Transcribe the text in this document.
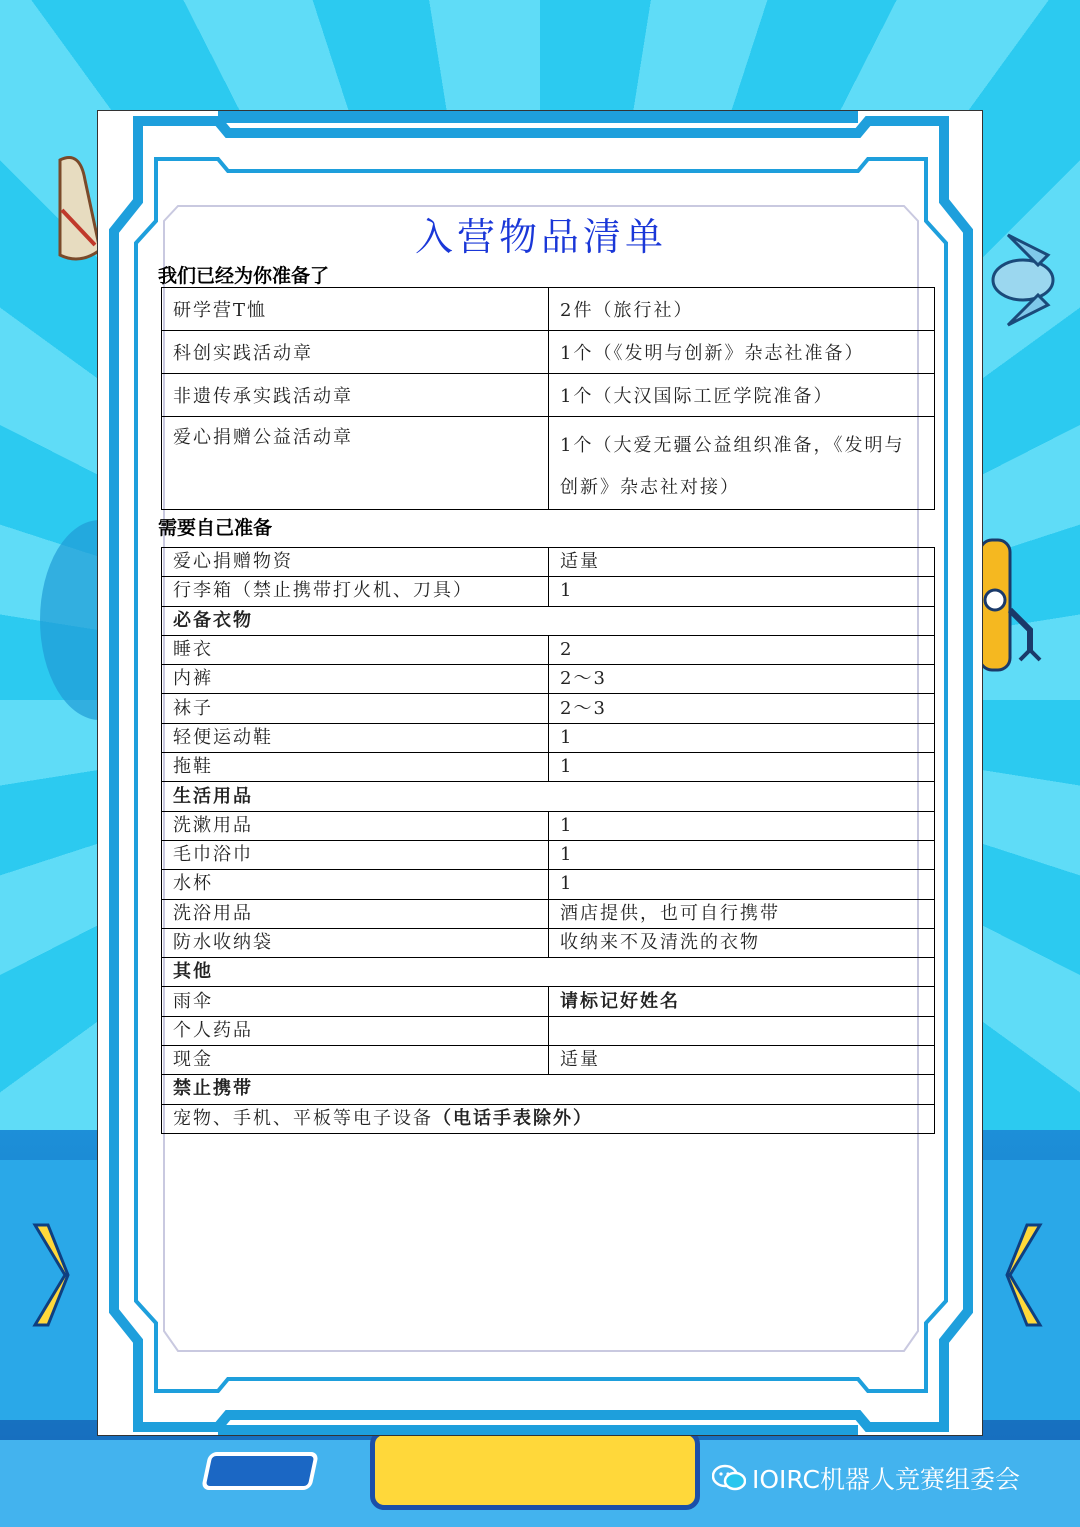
入营物品清单
我们已经为你准备了
研学营T恤	2件（旅行社）
科创实践活动章	1个（《发明与创新》杂志社准备）
非遗传承实践活动章	1个（大汉国际工匠学院准备）
爱心捐赠公益活动章	1个（大爱无疆公益组织准备，《发明与创新》杂志社对接）
需要自己准备
爱心捐赠物资	适量
行李箱（禁止携带打火机、刀具）	1
必备衣物	
睡衣	2
内裤	2～3
袜子	2～3
轻便运动鞋	1
拖鞋	1
生活用品	
洗漱用品	1
毛巾浴巾	1
水杯	1
洗浴用品	酒店提供，也可自行携带
防水收纳袋	收纳来不及清洗的衣物
其他	
雨伞	请标记好姓名
个人药品	
现金	适量
禁止携带	
宠物、手机、平板等电子设备（电话手表除外）	
IOIRC机器人竞赛组委会
